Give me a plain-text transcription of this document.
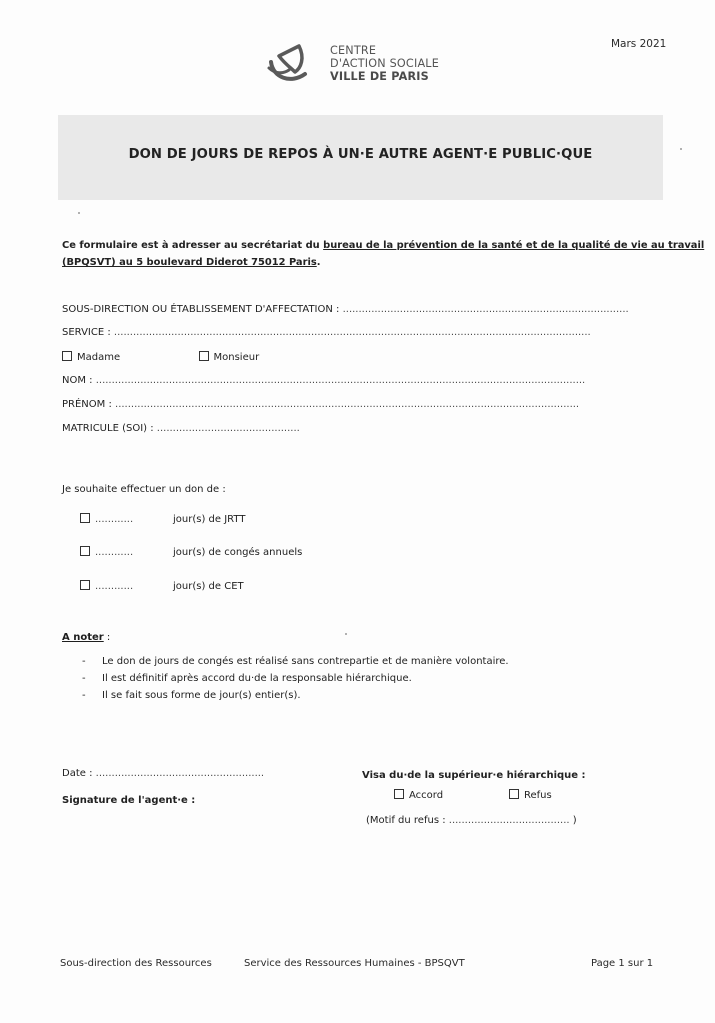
Mars 2021
CENTRE
D'ACTION SOCIALE
VILLE DE PARIS
DON DE JOURS DE REPOS À UN·E AUTRE AGENT·E PUBLIC·QUE
Ce formulaire est à adresser au secrétariat du bureau de la prévention de la santé et de la qualité de vie au travail
(BPQSVT) au 5 boulevard Diderot 75012 Paris.
SOUS-DIRECTION OU ÉTABLISSEMENT D'AFFECTATION : ..........................................................................................
SERVICE : ......................................................................................................................................................
Madame	Monsieur
NOM : ..........................................................................................................................................................
PRÉNOM : ..................................................................................................................................................
MATRICULE (SOI) : .............................................
Je souhaite effectuer un don de :
............	jour(s) de JRTT
............	jour(s) de congés annuels
............	jour(s) de CET
A noter :
- Le don de jours de congés est réalisé sans contrepartie et de manière volontaire.
- Il est définitif après accord du·de la responsable hiérarchique.
- Il se fait sous forme de jour(s) entier(s).
Date : .....................................................
Signature de l'agent·e :
Visa du·de la supérieur·e hiérarchique :
Accord	Refus
(Motif du refus : ...................................... )
Sous-direction des Ressources	Service des Ressources Humaines - BPSQVT	Page 1 sur 1
